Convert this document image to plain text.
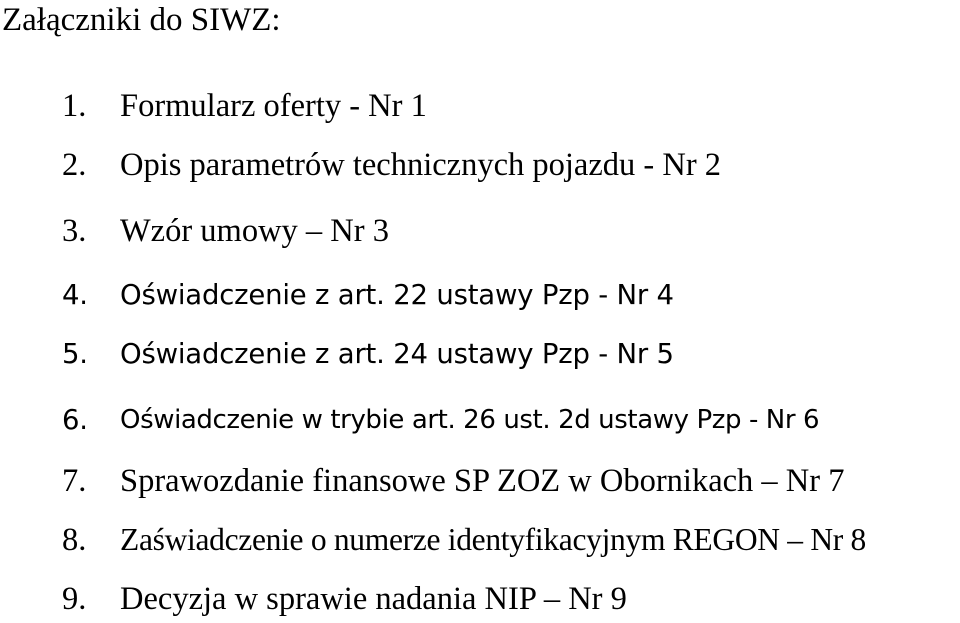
Załączniki do SIWZ:
1. Formularz oferty - Nr 1
2. Opis parametrów technicznych pojazdu - Nr 2
3. Wzór umowy – Nr 3
4. Oświadczenie z art. 22 ustawy Pzp - Nr 4
5. Oświadczenie z art. 24 ustawy Pzp - Nr 5
6. Oświadczenie w trybie art. 26 ust. 2d ustawy Pzp - Nr 6
7. Sprawozdanie finansowe SP ZOZ w Obornikach – Nr 7
8. Zaświadczenie o numerze identyfikacyjnym REGON – Nr 8
9. Decyzja w sprawie nadania NIP – Nr 9
